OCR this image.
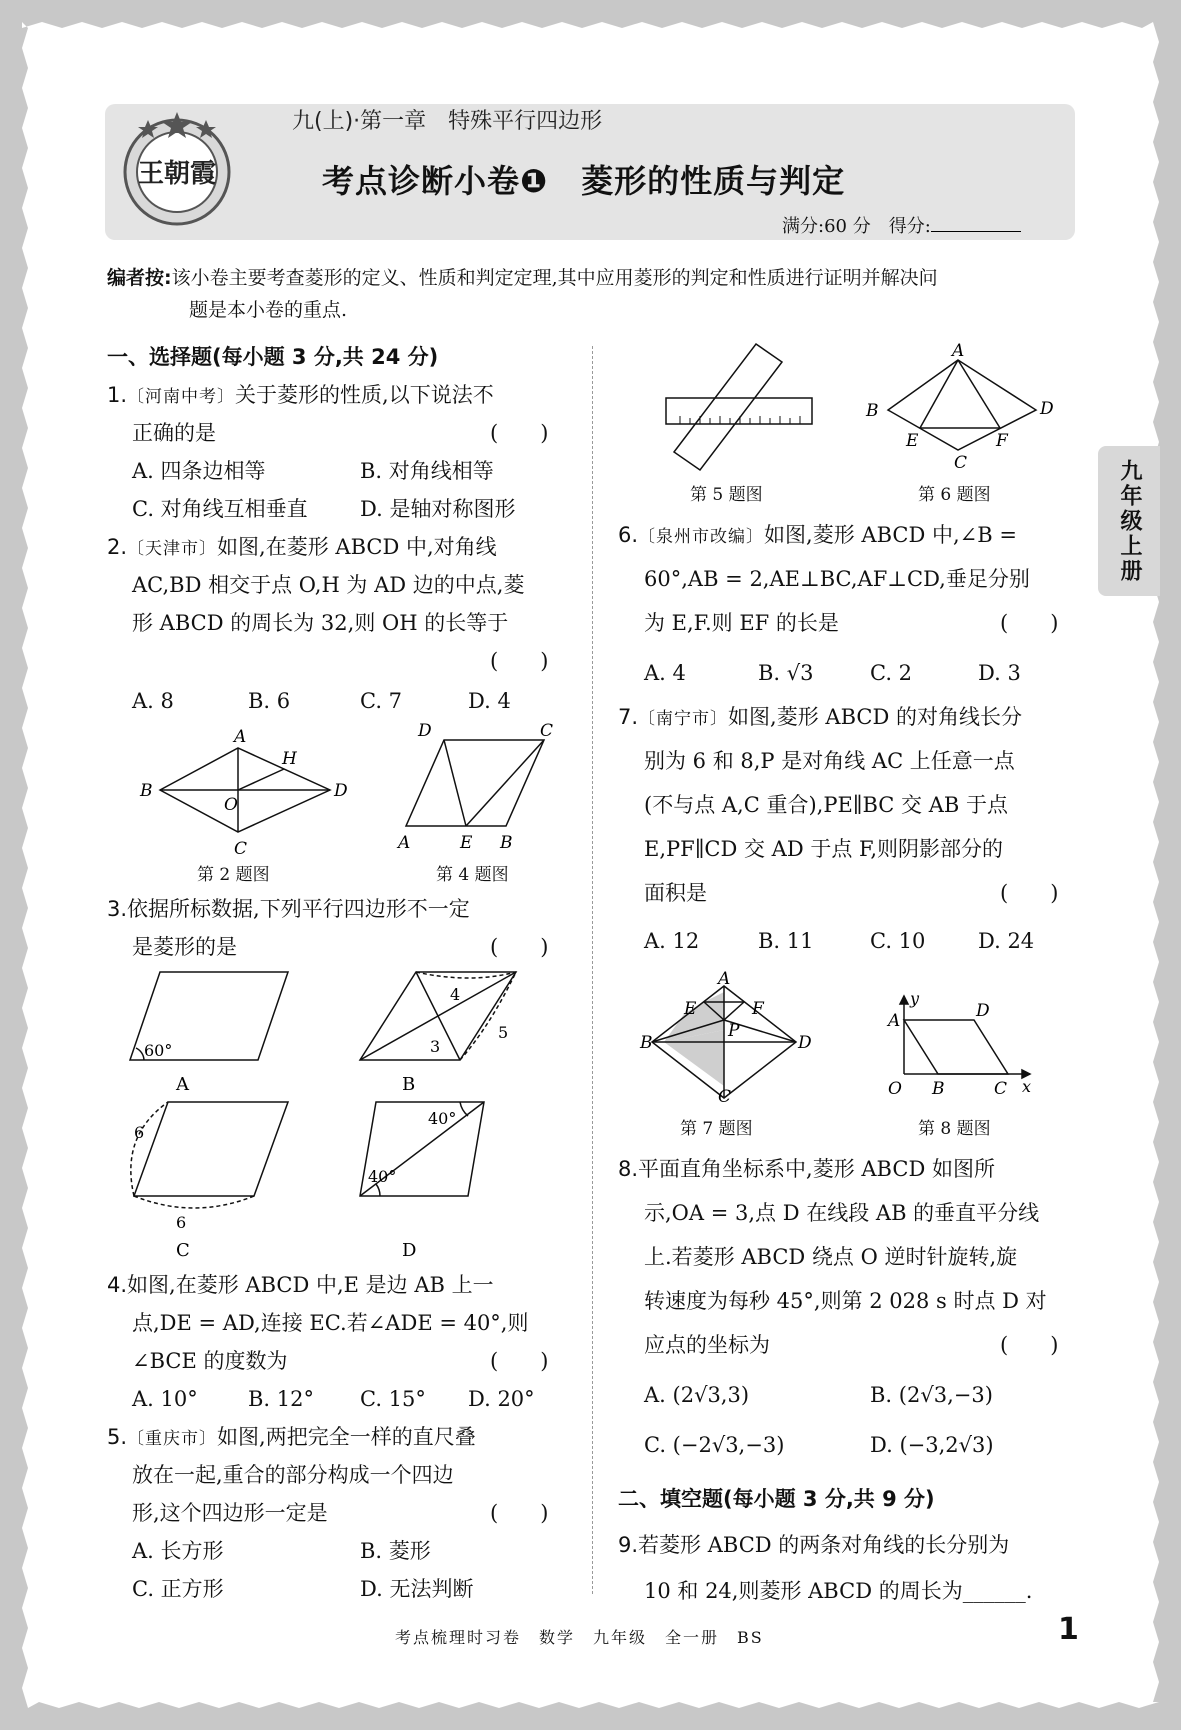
王朝霞
九(上)·第一章　特殊平行四边形
考点诊断小卷❶　菱形的性质与判定
满分:60 分　得分:
编者按:该小卷主要考查菱形的定义、性质和判定定理,其中应用菱形的判定和性质进行证明并解决问
题是本小卷的重点.
九年级上册
一、选择题(每小题 3 分,共 24 分)
1.〔河南中考〕关于菱形的性质,以下说法不
正确的是	(　　)
A. 四条边相等	B. 对角线相等
C. 对角线互相垂直 D. 是轴对称图形
2.〔天津市〕如图,在菱形 ABCD 中,对角线
AC,BD 相交于点 O,H 为 AD 边的中点,菱
形 ABCD 的周长为 32,则 OH 的长等于
(　　)
A. 8	B. 6	C. 7	D. 4
A
B
C
D
O
H
第 2 题图
A	B
C
D
E
第 4 题图
3.依据所标数据,下列平行四边形不一定
是菱形的是	(　　)
60°
4
3
5
6
6
40°
40°
A	B
C	D
4.如图,在菱形 ABCD 中,E 是边 AB 上一
点,DE = AD,连接 EC.若∠ADE = 40°,则
∠BCE 的度数为	(　　)
A. 10° B. 12° C. 15° D. 20°
5.〔重庆市〕如图,两把完全一样的直尺叠
放在一起,重合的部分构成一个四边
形,这个四边形一定是	(　　)
A. 长方形	B. 菱形
C. 正方形	D. 无法判断
第 5 题图
A
B
C
D
E	F
第 6 题图
6.〔泉州市改编〕如图,菱形 ABCD 中,∠B =
60°,AB = 2,AE⊥BC,AF⊥CD,垂足分别
为 E,F.则 EF 的长是	(　　)
A. 4	B. √3	C. 2	D. 3
7.〔南宁市〕如图,菱形 ABCD 的对角线长分
别为 6 和 8,P 是对角线 AC 上任意一点
(不与点 A,C 重合),PE∥BC 交 AB 于点
E,PF∥CD 交 AD 于点 F,则阴影部分的
面积是	(　　)
A. 12	B. 11	C. 10	D. 24
A
B
C
D
E	F
P
第 7 题图
O
A
B	C
D
x
y
第 8 题图
8.平面直角坐标系中,菱形 ABCD 如图所
示,OA = 3,点 D 在线段 AB 的垂直平分线
上.若菱形 ABCD 绕点 O 逆时针旋转,旋
转速度为每秒 45°,则第 2 028 s 时点 D 对
应点的坐标为	(　　)
A. (2√3,3)	B. (2√3,−3)
C. (−2√3,−3)	D. (−3,2√3)
二、填空题(每小题 3 分,共 9 分)
9.若菱形 ABCD 的两条对角线的长分别为
10 和 24,则菱形 ABCD 的周长为______.
考点梳理时习卷　数学　九年级　全一册　BS	1
